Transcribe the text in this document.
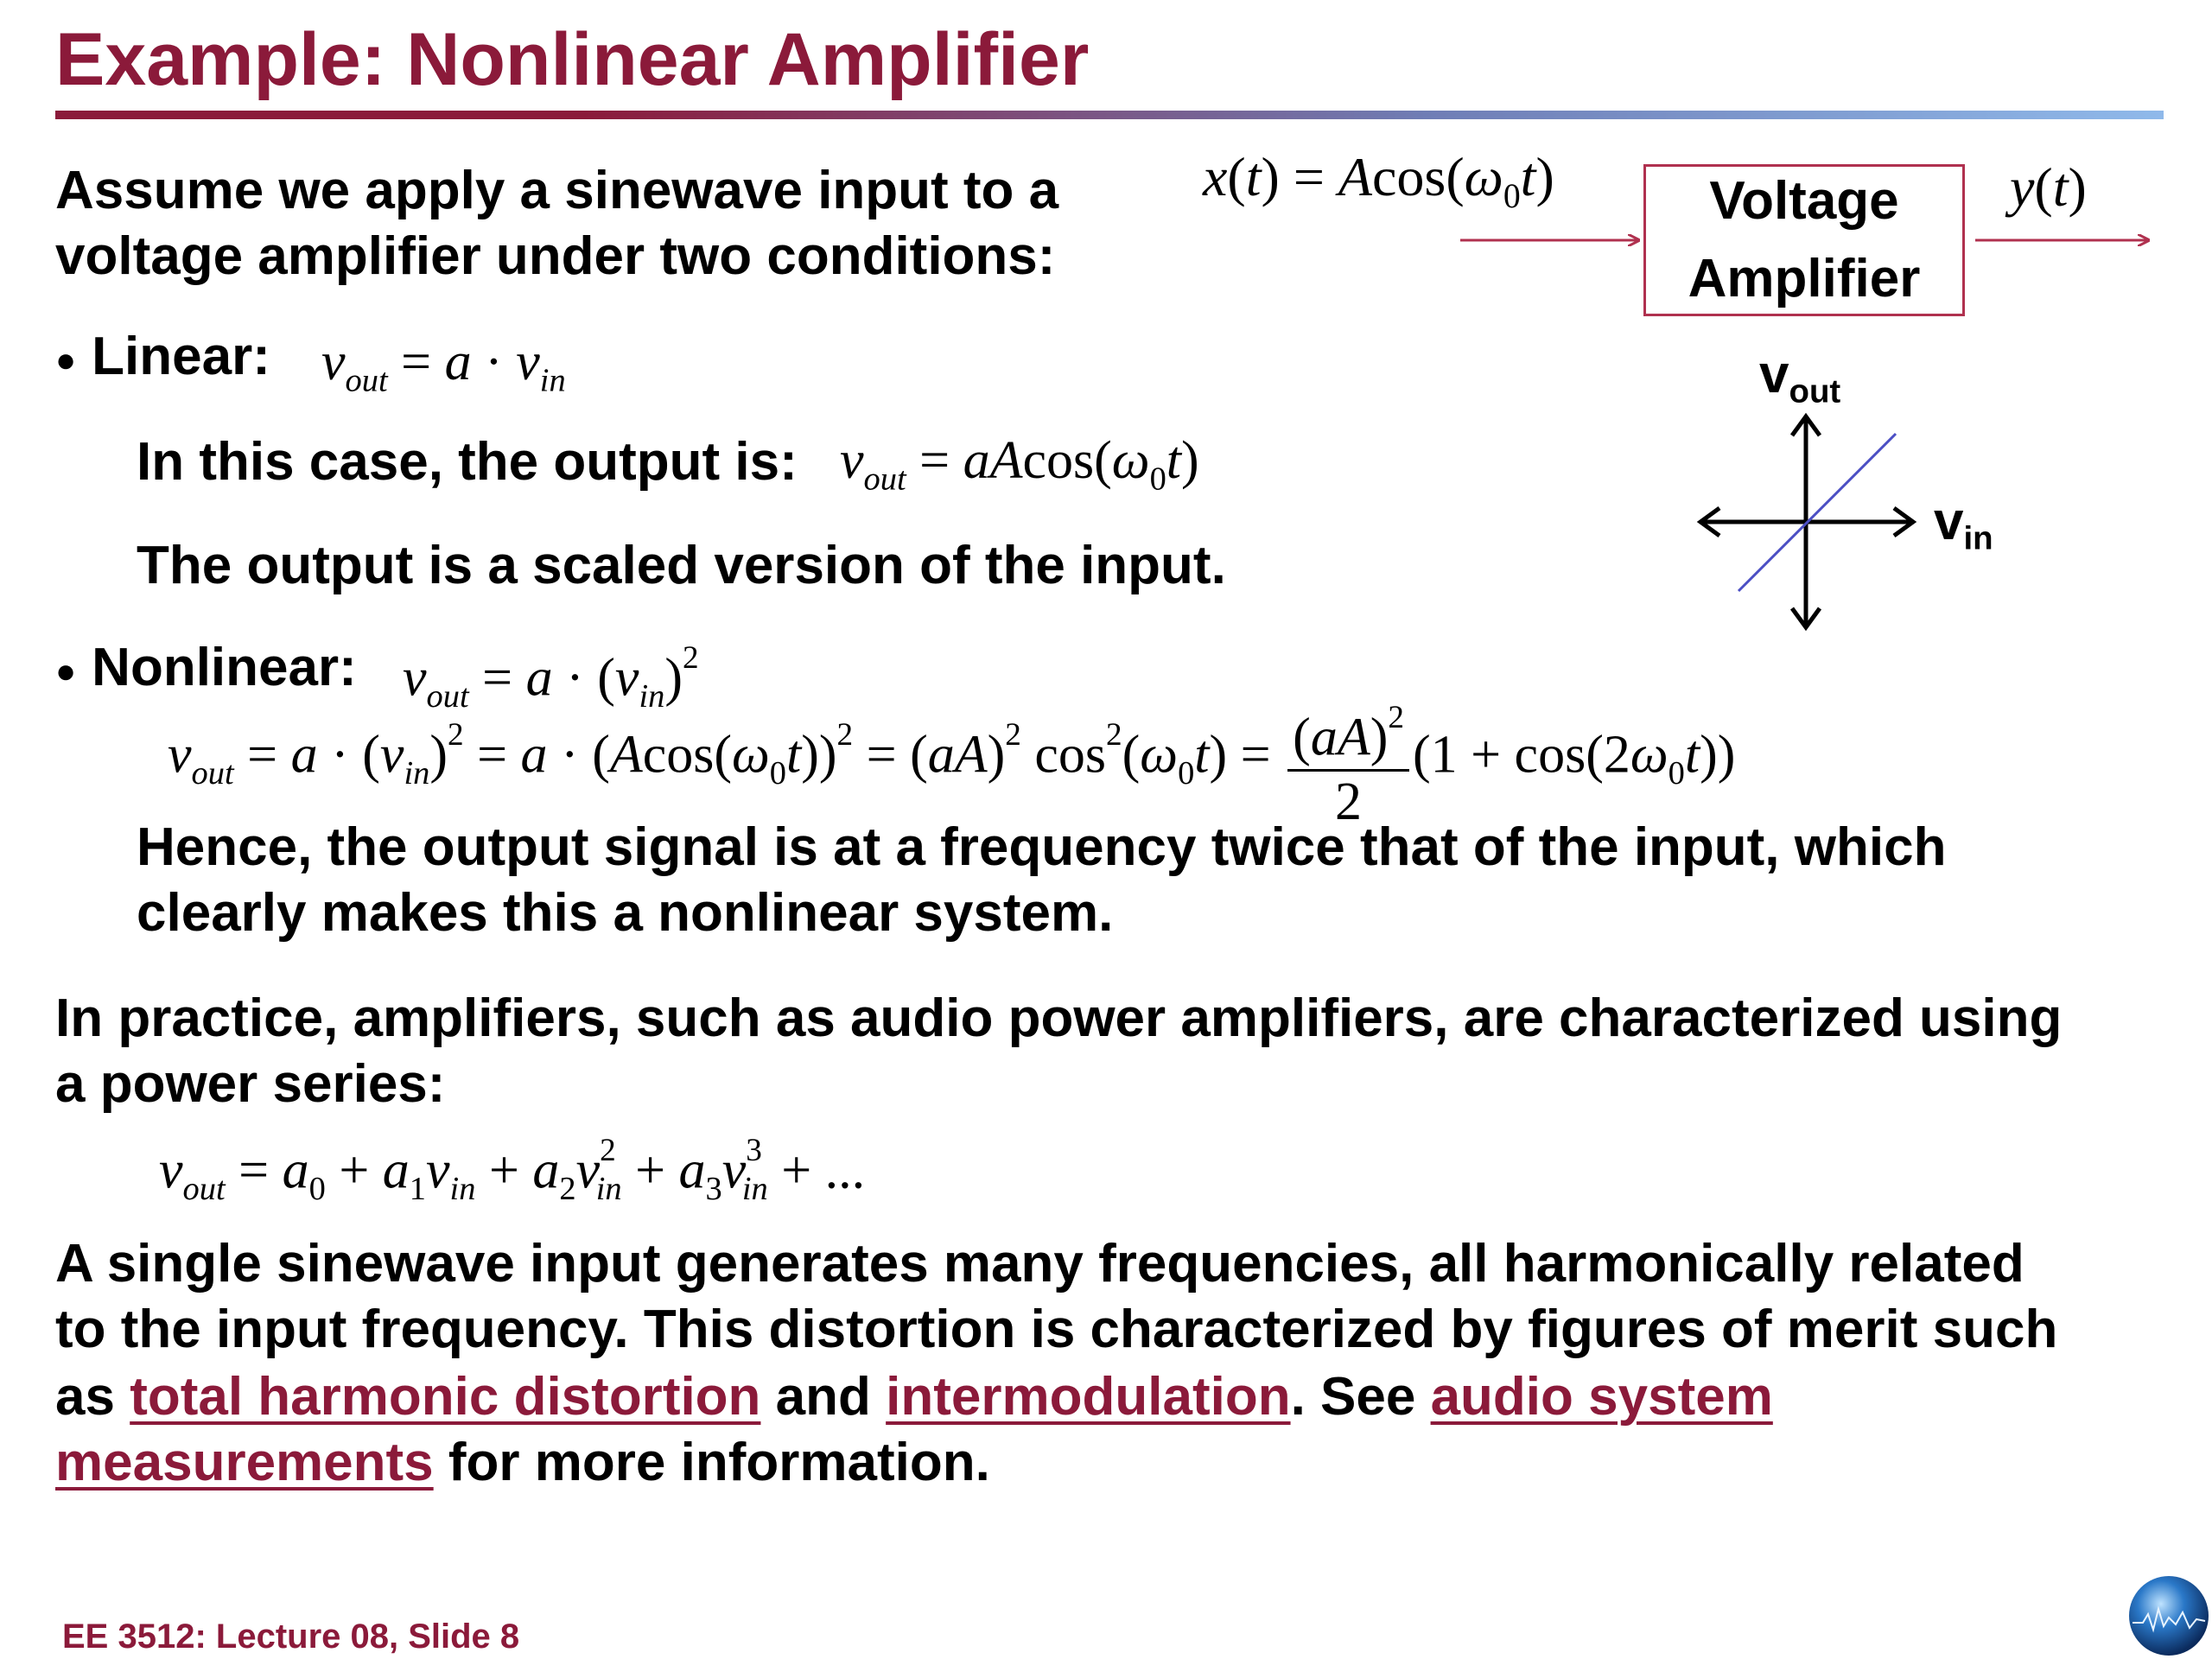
Example: Nonlinear Amplifier
Assume we apply a sinewave input to a
voltage amplifier under two conditions:
$x(t) = Acos(\omega_0t)$	Voltage
Amplifier
y(t)
$v_{out}$
$v_{in}$
● Linear: $v_{out} = a \cdot v_{in}$
In this case, the output is: $v_{out} = aAcos(\omega_0t)$
The output is a scaled version of the input.
● Nonlinear: $v_{out} = a \cdot (v_{in})^2$
$v_{out} = a \cdot (v_{in})^2 = a \cdot (Acos(\omega_0t))^2 = (aA)^2$ $\cos^2(\omega_0t) = \frac{(aA)^2}{2} (1 + \cos(2\omega_0t))$
Hence, the output signal is at a frequency twice that of the input, which
clearly makes this a nonlinear system.
In practice, amplifiers, such as audio power amplifiers, are characterized using
a power series:
$v_{out} = a_0 + a_1v_{in} + a_2v^2_{in} + a_3v^3_{in}$ + ...
A single sinewave input generates many frequencies, all harmonically related
to the input frequency. This distortion is characterized by figures of merit such
as total harmonic distortion and intermodulation. See audio system
measurements for more information.
EE 3512: Lecture 08, Slide 8
